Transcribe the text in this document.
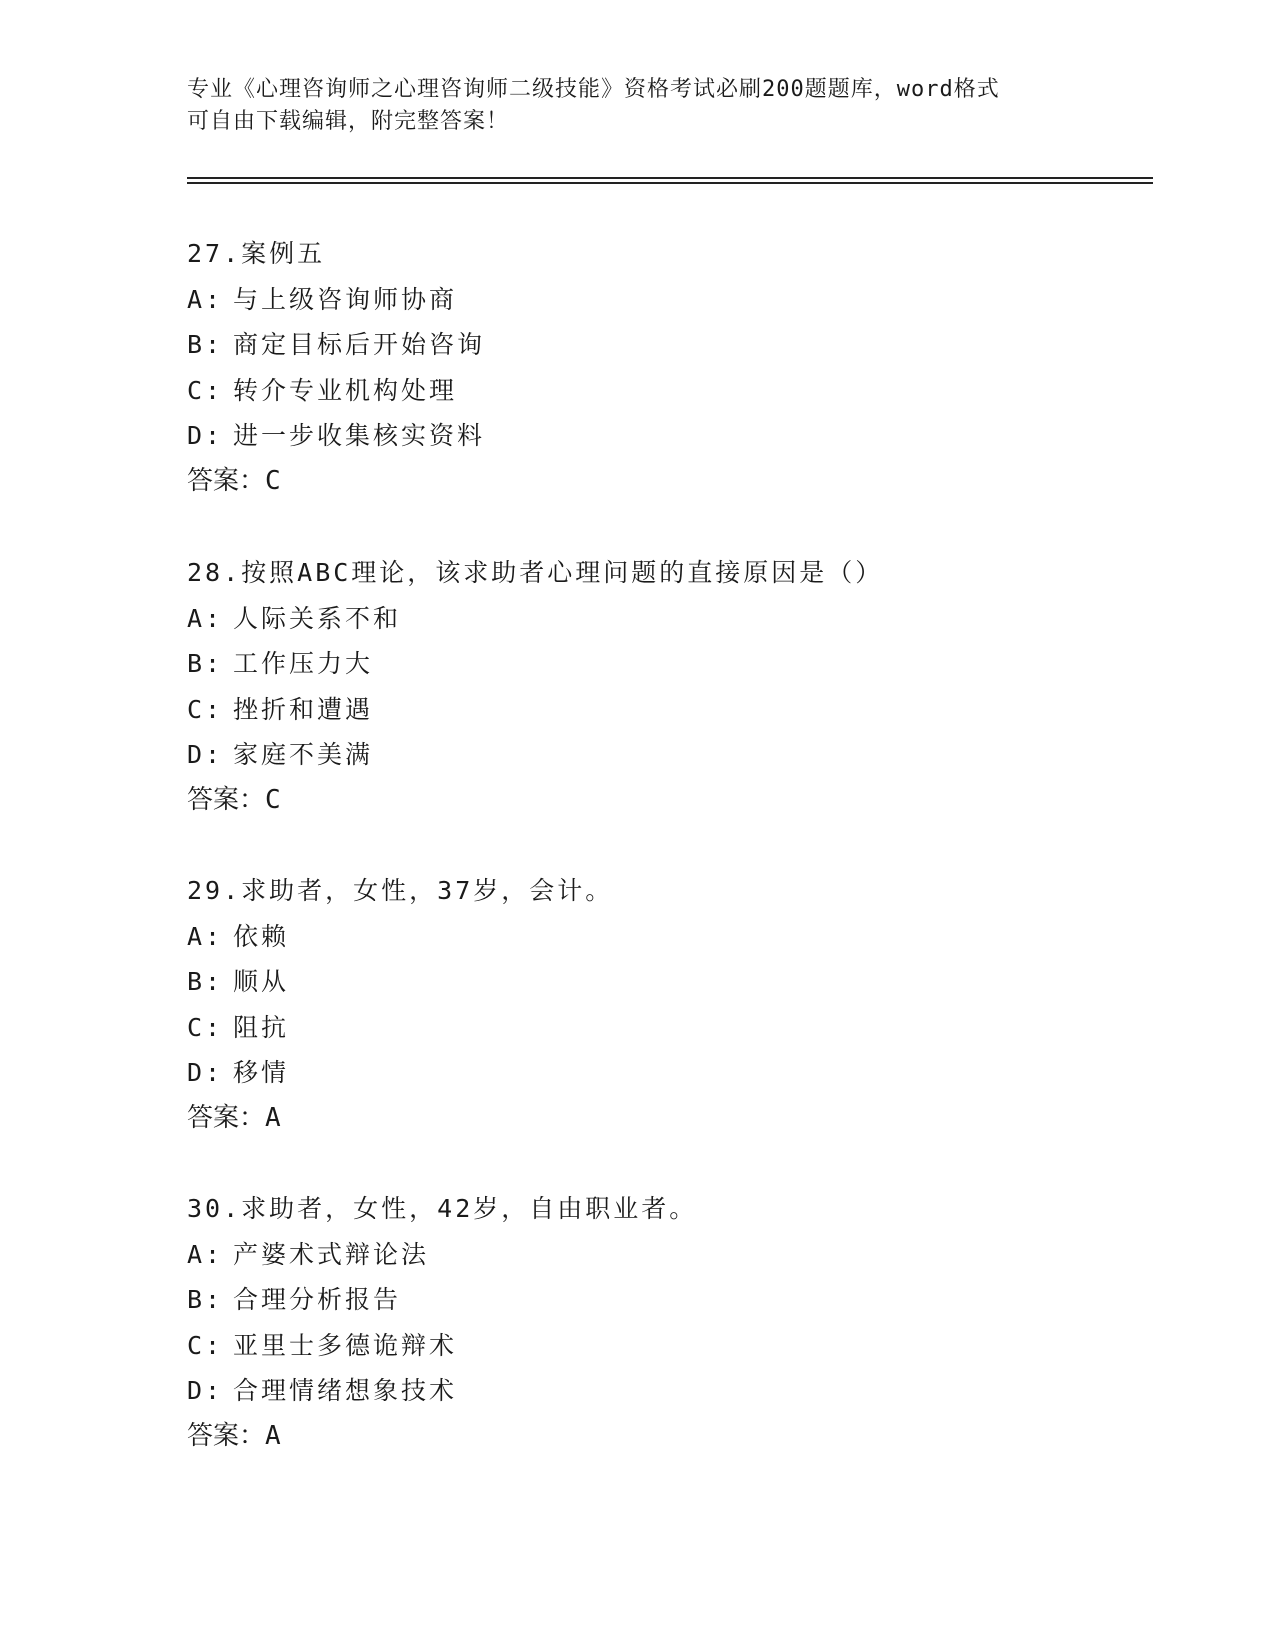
专业《心理咨询师之心理咨询师二级技能》资格考试必刷200题题库，word格式
可自由下载编辑，附完整答案！
27.案例五
A: 与上级咨询师协商
B: 商定目标后开始咨询
C: 转介专业机构处理
D: 进一步收集核实资料
答案：C
28.按照ABC理论，该求助者心理问题的直接原因是（）
A: 人际关系不和
B: 工作压力大
C: 挫折和遭遇
D: 家庭不美满
答案：C
29.求助者，女性，37岁，会计。
A: 依赖
B: 顺从
C: 阻抗
D: 移情
答案：A
30.求助者，女性，42岁，自由职业者。
A: 产婆术式辩论法
B: 合理分析报告
C: 亚里士多德诡辩术
D: 合理情绪想象技术
答案：A
